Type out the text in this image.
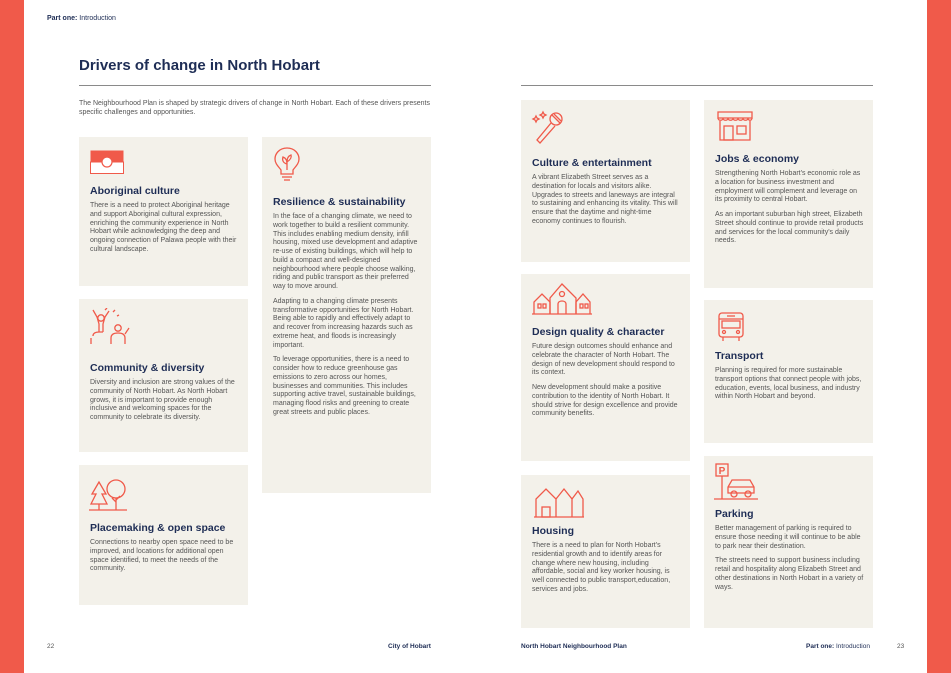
Part one: Introduction
Drivers of change in North Hobart
The Neighbourhood Plan is shaped by strategic drivers of change in North Hobart. Each of these drivers presents specific challenges and opportunities.
Aboriginal culture

There is a need to protect Aboriginal heritage and support Aboriginal cultural expression, enriching the community experience in North Hobart while acknowledging the deep and ongoing connection of Palawa people with their cultural landscape.

Resilience & sustainability

In the face of a changing climate, we need to work together to build a resilient community. This includes enabling medium density, infill housing, mixed use development and adaptive re-use of existing buildings, which will help to build a compact and well-designed neighbourhood where people choose walking, riding and public transport as their preferred way to move around.

Adapting to a changing climate presents transformative opportunities for North Hobart. Being able to rapidly and effectively adapt to and recover from increasing hazards such as extreme heat, and floods is increasingly important.

To leverage opportunities, there is a need to consider how to reduce greenhouse gas emissions to zero across our homes, businesses and communities. This includes supporting active travel, sustainable buildings, managing flood risks and greening to create great streets and public places.

Community & diversity

Diversity and inclusion are strong values of the community of North Hobart. As North Hobart grows, it is important to provide enough inclusive and welcoming spaces for the community to celebrate its diversity.

Placemaking & open space

Connections to nearby open space need to be improved, and locations for additional open space identified, to meet the needs of the community.

Culture & entertainment

A vibrant Elizabeth Street serves as a destination for locals and visitors alike. Upgrades to streets and laneways are integral to sustaining and enhancing its vitality. This will ensure that the daytime and night-time economy continues to flourish.

Jobs & economy

Strengthening North Hobart's economic role as a location for business investment and employment will complement and leverage on its proximity to central Hobart.

As an important suburban high street, Elizabeth Street should continue to provide retail products and services for the local community's daily needs.

Design quality & character

Future design outcomes should enhance and celebrate the character of North Hobart. The design of new development should respond to its context.

New development should make a positive contribution to the identity of North Hobart. It should strive for design excellence and provide community benefits.

Transport

Planning is required for more sustainable transport options that connect people with jobs, education, events, local business, and industry within North Hobart and beyond.

Housing

There is a need to plan for North Hobart's residential growth and to identify areas for change where new housing, including affordable, social and key worker housing, is well connected to public transport,education, services and jobs.

P
Parking

Better management of parking is required to ensure those needing it will continue to be able to park near their destination.

The streets need to support business including retail and hospitality along Elizabeth Street and other destinations in North Hobart in a variety of ways.

22	City of Hobart	North Hobart Neighbourhood Plan	Part one: Introduction	23
